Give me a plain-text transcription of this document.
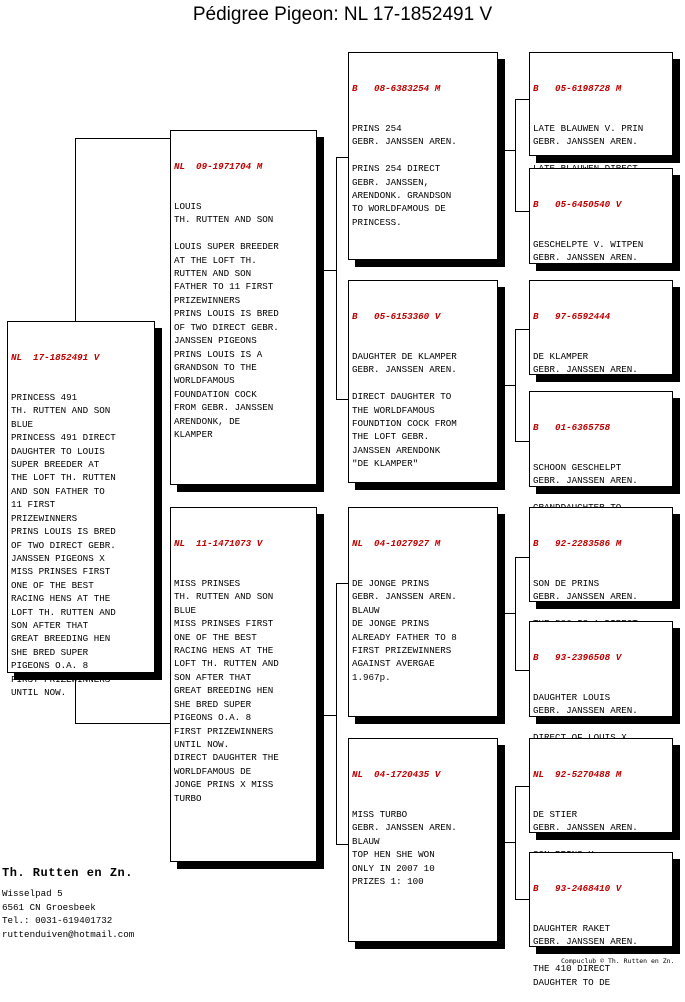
Pédigree Pigeon: NL 17-1852491 V

NL  17-1852491 V

PRINCESS 491
TH. RUTTEN AND SON
BLUE
PRINCESS 491 DIRECT
DAUGHTER TO LOUIS
SUPER BREEDER AT
THE LOFT TH. RUTTEN
AND SON FATHER TO
11 FIRST
PRIZEWINNERS
PRINS LOUIS IS BRED
OF TWO DIRECT GEBR.
JANSSEN PIGEONS X
MISS PRINSES FIRST
ONE OF THE BEST
RACING HENS AT THE
LOFT TH. RUTTEN AND
SON AFTER THAT
GREAT BREEDING HEN
SHE BRED SUPER
PIGEONS O.A. 8
FIRST PRIZEWINNERS
UNTIL NOW.

NL  09-1971704 M

LOUIS
TH. RUTTEN AND SON

LOUIS SUPER BREEDER
AT THE LOFT TH.
RUTTEN AND SON
FATHER TO 11 FIRST
PRIZEWINNERS
PRINS LOUIS IS BRED
OF TWO DIRECT GEBR.
JANSSEN PIGEONS
PRINS LOUIS IS A
GRANDSON TO THE
WORLDFAMOUS
FOUNDATION COCK
FROM GEBR. JANSSEN
ARENDONK, DE
KLAMPER

NL  11-1471073 V

MISS PRINSES
TH. RUTTEN AND SON
BLUE
MISS PRINSES FIRST
ONE OF THE BEST
RACING HENS AT THE
LOFT TH. RUTTEN AND
SON AFTER THAT
GREAT BREEDING HEN
SHE BRED SUPER
PIGEONS O.A. 8
FIRST PRIZEWINNERS
UNTIL NOW.
DIRECT DAUGHTER THE
WORLDFAMOUS DE
JONGE PRINS X MISS
TURBO

B   08-6383254 M

PRINS 254
GEBR. JANSSEN AREN.

PRINS 254 DIRECT
GEBR. JANSSEN,
ARENDONK. GRANDSON
TO WORLDFAMOUS DE
PRINCESS.

B   05-6153360 V

DAUGHTER DE KLAMPER
GEBR. JANSSEN AREN.

DIRECT DAUGHTER TO
THE WORLDFAMOUS
FOUNDTION COCK FROM
THE LOFT GEBR.
JANSSEN ARENDONK
"DE KLAMPER"

NL  04-1027927 M

DE JONGE PRINS
GEBR. JANSSEN AREN.
BLAUW
DE JONGE PRINS
ALREADY FATHER TO 8
FIRST PRIZEWINNERS
AGAINST AVERGAE
1.967p.

NL  04-1720435 V

MISS TURBO
GEBR. JANSSEN AREN.
BLAUW
TOP HEN SHE WON
ONLY IN 2007 10
PRIZES 1: 100

B   05-6198728 M

LATE BLAUWEN V. PRIN
GEBR. JANSSEN AREN.

B   05-6450540 V

GESCHELPTE V. WITPEN
GEBR. JANSSEN AREN.

B   97-6592444

DE KLAMPER
GEBR. JANSSEN AREN.

B   01-6365758

SCHOON GESCHELPT
GEBR. JANSSEN AREN.

B   92-2283586 M

SON DE PRINS
GEBR. JANSSEN AREN.

B   93-2396508 V

DAUGHTER LOUIS
GEBR. JANSSEN AREN.

NL  92-5270488 M

DE STIER
GEBR. JANSSEN AREN.

B   93-2468410 V

DAUGHTER RAKET
GEBR. JANSSEN AREN.

THE 410 DIRECT
DAUGHTER TO DE

Th. Rutten en Zn.
Wisselpad 5
6561 CN Groesbeek
Tel.: 0031-619401732
ruttenduiven@hotmail.com
Compuclub © Th. Rutten en Zn.
